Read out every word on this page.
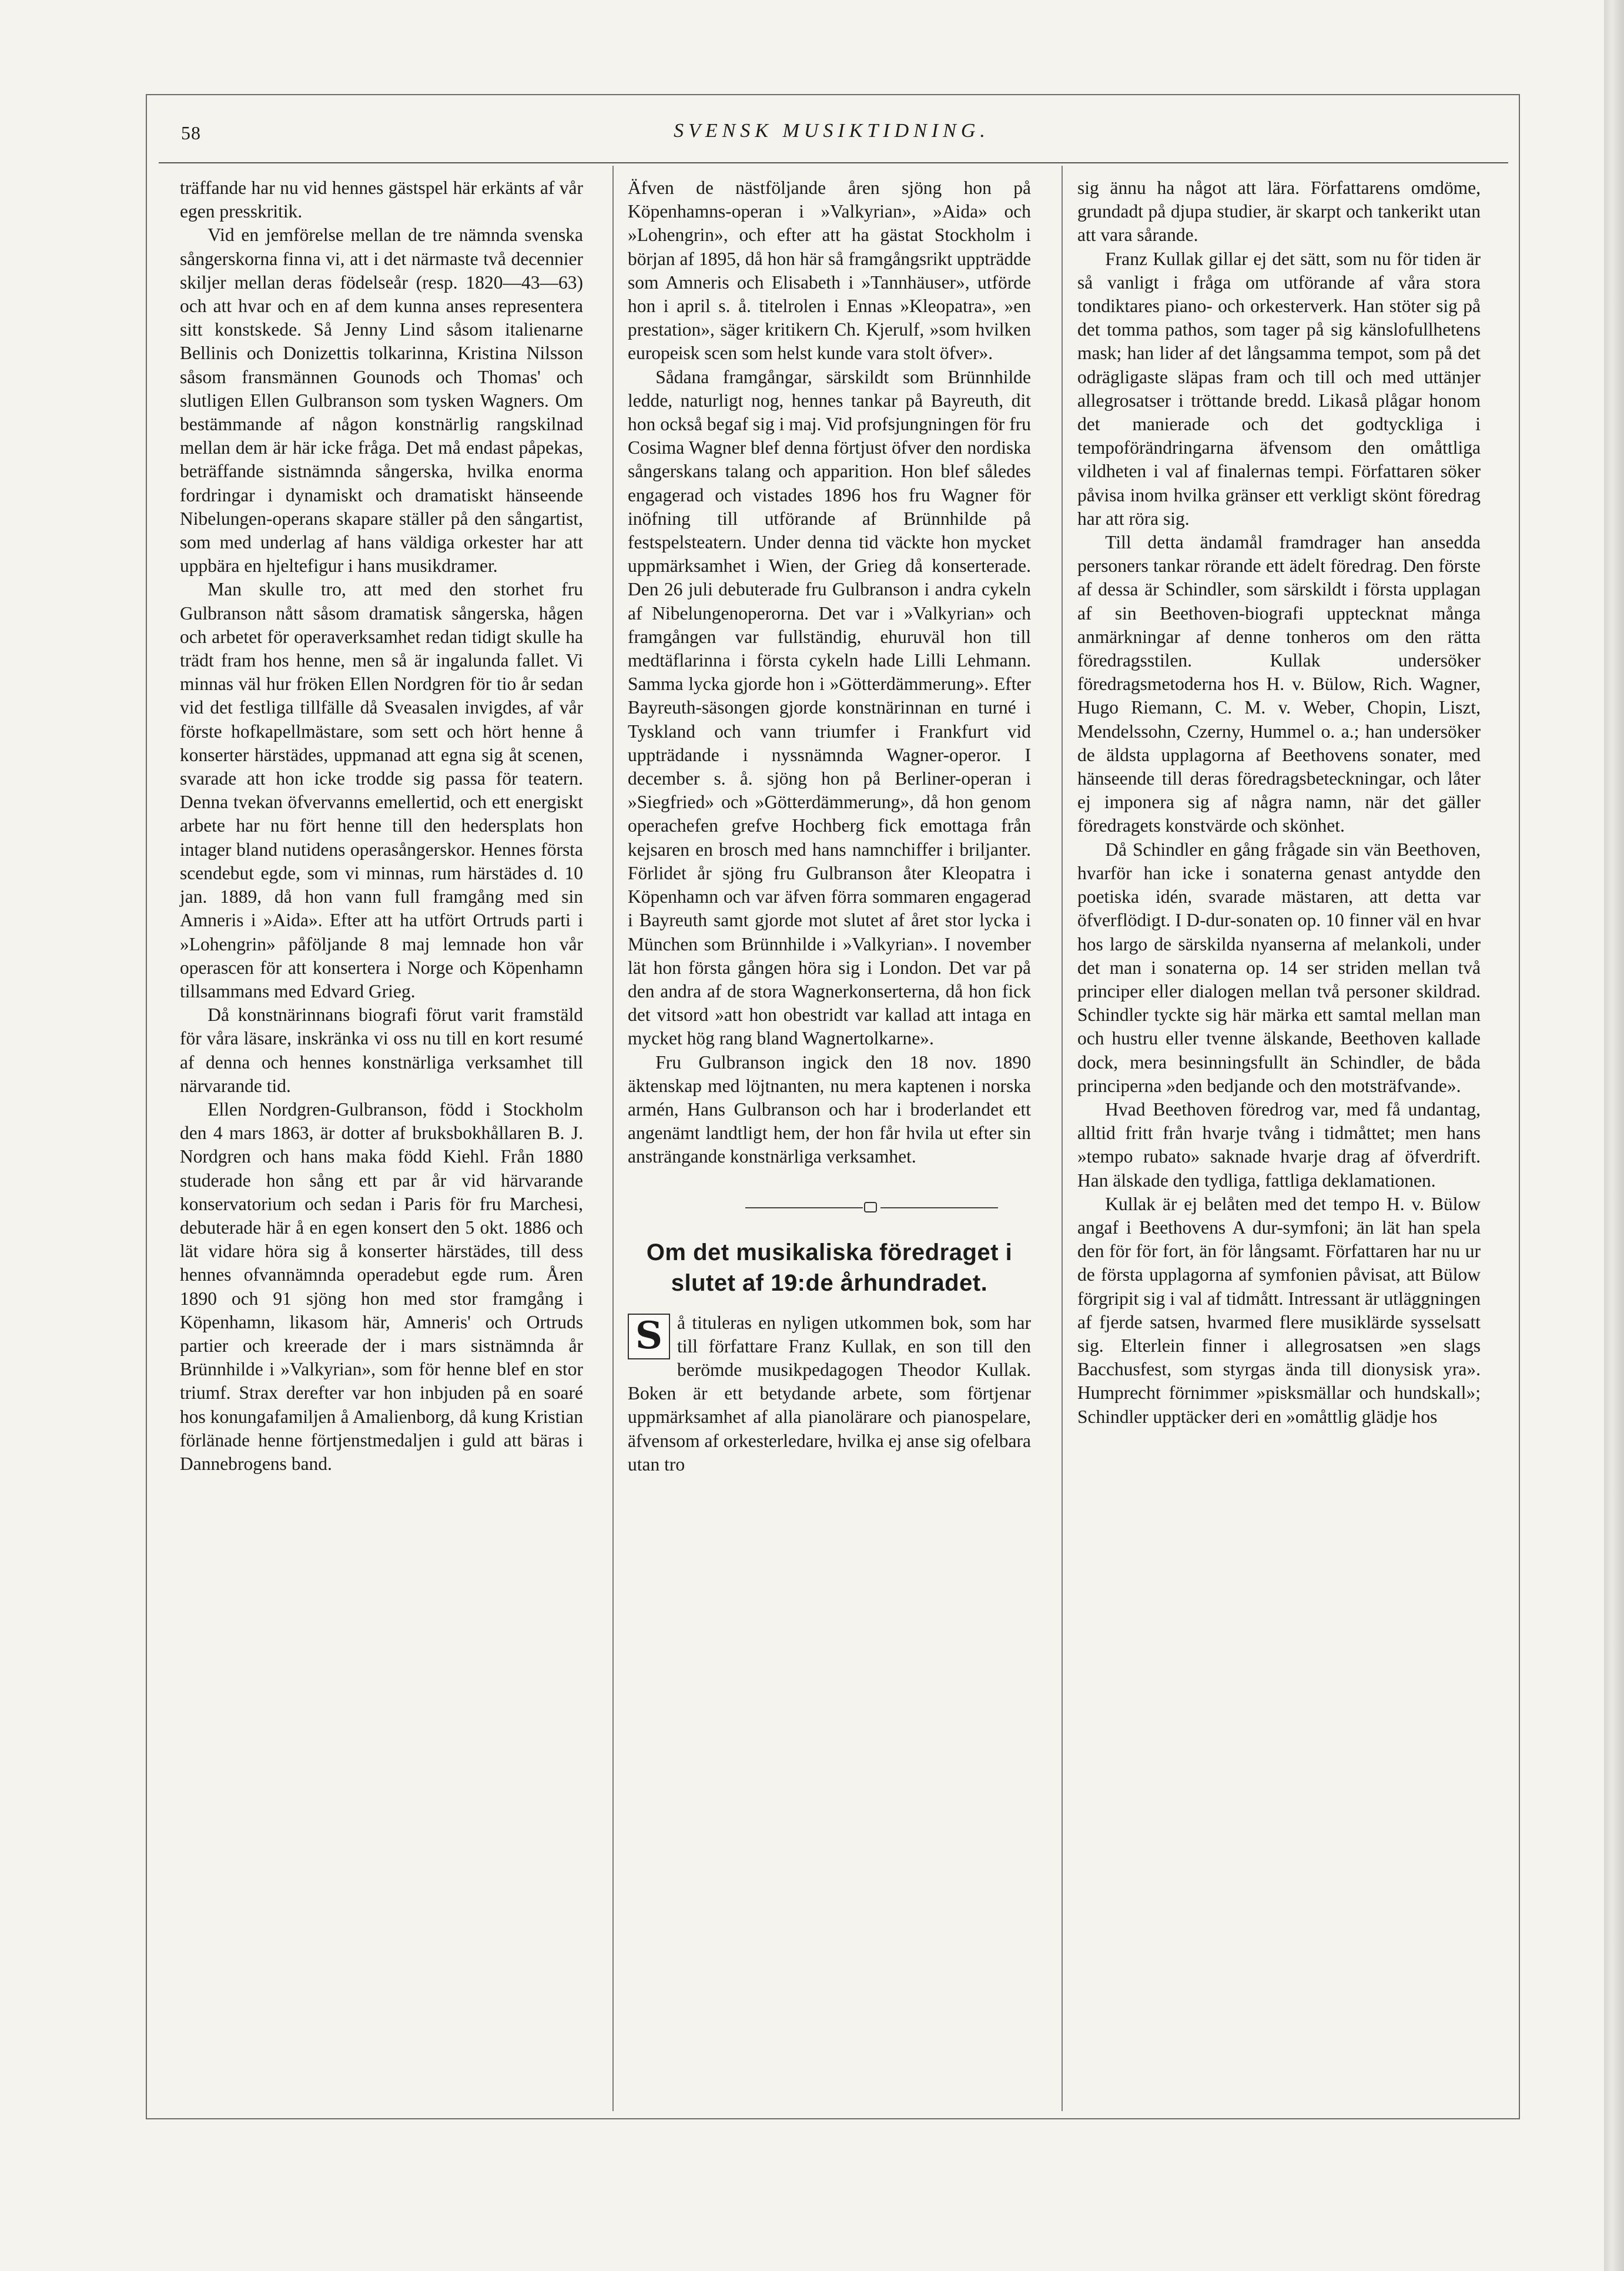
58	SVENSK MUSIKTIDNING.

träffande har nu vid hennes gästspel här erkänts af vår egen presskritik.

Vid en jemförelse mellan de tre nämnda svenska sångerskorna finna vi, att i det närmaste två decennier skiljer mellan deras födelseår (resp. 1820—43—63) och att hvar och en af dem kunna anses representera sitt konstskede. Så Jenny Lind såsom italienarne Bellinis och Donizettis tolkarinna, Kristina Nilsson såsom fransmännen Gounods och Thomas' och slutligen Ellen Gulbranson som tysken Wagners. Om bestämmande af någon konstnärlig rangskilnad mellan dem är här icke fråga. Det må endast påpekas, beträffande sistnämnda sångerska, hvilka enorma fordringar i dynamiskt och dramatiskt hänseende Nibelungen-operans skapare ställer på den sångartist, som med underlag af hans väldiga orkester har att uppbära en hjeltefigur i hans musikdramer.

Man skulle tro, att med den storhet fru Gulbranson nått såsom dramatisk sångerska, hågen och arbetet för operaverksamhet redan tidigt skulle ha trädt fram hos henne, men så är ingalunda fallet. Vi minnas väl hur fröken Ellen Nordgren för tio år sedan vid det festliga tillfälle då Sveasalen invigdes, af vår förste hofkapellmästare, som sett och hört henne å konserter härstädes, uppmanad att egna sig åt scenen, svarade att hon icke trodde sig passa för teatern. Denna tvekan öfvervanns emellertid, och ett energiskt arbete har nu fört henne till den hedersplats hon intager bland nutidens operasångerskor. Hennes första scendebut egde, som vi minnas, rum härstädes d. 10 jan. 1889, då hon vann full framgång med sin Amneris i »Aida». Efter att ha utfört Ortruds parti i »Lohengrin» påföljande 8 maj lemnade hon vår operascen för att konsertera i Norge och Köpenhamn tillsammans med Edvard Grieg.

Då konstnärinnans biografi förut varit framstäld för våra läsare, inskränka vi oss nu till en kort resumé af denna och hennes konstnärliga verksamhet till närvarande tid.

Ellen Nordgren-Gulbranson, född i Stockholm den 4 mars 1863, är dotter af bruksbokhållaren B. J. Nordgren och hans maka född Kiehl. Från 1880 studerade hon sång ett par år vid härvarande konservatorium och sedan i Paris för fru Marchesi, debuterade här å en egen konsert den 5 okt. 1886 och lät vidare höra sig å konserter härstädes, till dess hennes ofvannämnda operadebut egde rum. Åren 1890 och 91 sjöng hon med stor framgång i Köpenhamn, likasom här, Amneris' och Ortruds partier och kreerade der i mars sistnämnda år Brünnhilde i »Valkyrian», som för henne blef en stor triumf. Strax derefter var hon inbjuden på en soaré hos konungafamiljen å Amalienborg, då kung Kristian förlänade henne förtjenstmedaljen i guld att bäras i Dannebrogens band.

Äfven de nästföljande åren sjöng hon på Köpenhamns-operan i »Valkyrian», »Aida» och »Lohengrin», och efter att ha gästat Stockholm i början af 1895, då hon här så framgångsrikt uppträdde som Amneris och Elisabeth i »Tannhäuser», utförde hon i april s. å. titelrolen i Ennas »Kleopatra», »en prestation», säger kritikern Ch. Kjerulf, »som hvilken europeisk scen som helst kunde vara stolt öfver».

Sådana framgångar, särskildt som Brünnhilde ledde, naturligt nog, hennes tankar på Bayreuth, dit hon också begaf sig i maj. Vid profsjungningen för fru Cosima Wagner blef denna förtjust öfver den nordiska sångerskans talang och apparition. Hon blef således engagerad och vistades 1896 hos fru Wagner för inöfning till utförande af Brünnhilde på festspelsteatern. Under denna tid väckte hon mycket uppmärksamhet i Wien, der Grieg då konserterade. Den 26 juli debuterade fru Gulbranson i andra cykeln af Nibelungenoperorna. Det var i »Valkyrian» och framgången var fullständig, ehuruväl hon till medtäflarinna i första cykeln hade Lilli Lehmann. Samma lycka gjorde hon i »Götterdämmerung». Efter Bayreuth-säsongen gjorde konstnärinnan en turné i Tyskland och vann triumfer i Frankfurt vid uppträdande i nyssnämnda Wagner-operor. I december s. å. sjöng hon på Berliner-operan i »Siegfried» och »Götterdämmerung», då hon genom operachefen grefve Hochberg fick emottaga från kejsaren en brosch med hans namnchiffer i briljanter. Förlidet år sjöng fru Gulbranson åter Kleopatra i Köpenhamn och var äfven förra sommaren engagerad i Bayreuth samt gjorde mot slutet af året stor lycka i München som Brünnhilde i »Valkyrian». I november lät hon första gången höra sig i London. Det var på den andra af de stora Wagnerkonserterna, då hon fick det vitsord »att hon obestridt var kallad att intaga en mycket hög rang bland Wagnertolkarne».

Fru Gulbranson ingick den 18 nov. 1890 äktenskap med löjtnanten, nu mera kaptenen i norska armén, Hans Gulbranson och har i broderlandet ett angenämt landtligt hem, der hon får hvila ut efter sin ansträngande konstnärliga verksamhet.

Om det musikaliska föredraget i slutet af 19:de århundradet.

S å tituleras en nyligen utkommen bok, som har till författare Franz Kullak, en son till den berömde musikpedagogen Theodor Kullak. Boken är ett betydande arbete, som förtjenar uppmärksamhet af alla pianolärare och pianospelare, äfvensom af orkesterledare, hvilka ej anse sig ofelbara utan tro

sig ännu ha något att lära. Författarens omdöme, grundadt på djupa studier, är skarpt och tankerikt utan att vara sårande.

Franz Kullak gillar ej det sätt, som nu för tiden är så vanligt i fråga om utförande af våra stora tondiktares piano- och orkesterverk. Han stöter sig på det tomma pathos, som tager på sig känslofullhetens mask; han lider af det långsamma tempot, som på det odrägligaste släpas fram och till och med uttänjer allegrosatser i tröttande bredd. Likaså plågar honom det manierade och det godtyckliga i tempoförändringarna äfvensom den omåttliga vildheten i val af finalernas tempi. Författaren söker påvisa inom hvilka gränser ett verkligt skönt föredrag har att röra sig.

Till detta ändamål framdrager han ansedda personers tankar rörande ett ädelt föredrag. Den förste af dessa är Schindler, som särskildt i första upplagan af sin Beethoven-biografi upptecknat många anmärkningar af denne tonheros om den rätta föredragsstilen. Kullak undersöker föredragsmetoderna hos H. v. Bülow, Rich. Wagner, Hugo Riemann, C. M. v. Weber, Chopin, Liszt, Mendelssohn, Czerny, Hummel o. a.; han undersöker de äldsta upplagorna af Beethovens sonater, med hänseende till deras föredragsbeteckningar, och låter ej imponera sig af några namn, när det gäller föredragets konstvärde och skönhet.

Då Schindler en gång frågade sin vän Beethoven, hvarför han icke i sonaterna genast antydde den poetiska idén, svarade mästaren, att detta var öfverflödigt. I D-dur-sonaten op. 10 finner väl en hvar hos largo de särskilda nyanserna af melankoli, under det man i sonaterna op. 14 ser striden mellan två principer eller dialogen mellan två personer skildrad. Schindler tyckte sig här märka ett samtal mellan man och hustru eller tvenne älskande, Beethoven kallade dock, mera besinningsfullt än Schindler, de båda principerna »den bedjande och den motsträfvande».

Hvad Beethoven föredrog var, med få undantag, alltid fritt från hvarje tvång i tidmåttet; men hans »tempo rubato» saknade hvarje drag af öfverdrift. Han älskade den tydliga, fattliga deklamationen.

Kullak är ej belåten med det tempo H. v. Bülow angaf i Beethovens A dur-symfoni; än lät han spela den för för fort, än för långsamt. Författaren har nu ur de första upplagorna af symfonien påvisat, att Bülow förgripit sig i val af tidmått. Intressant är utläggningen af fjerde satsen, hvarmed flere musiklärde sysselsatt sig. Elterlein finner i allegrosatsen »en slags Bacchusfest, som styrgas ända till dionysisk yra». Humprecht förnimmer »pisksmällar och hundskall»; Schindler upptäcker deri en »omåttlig glädje hos
